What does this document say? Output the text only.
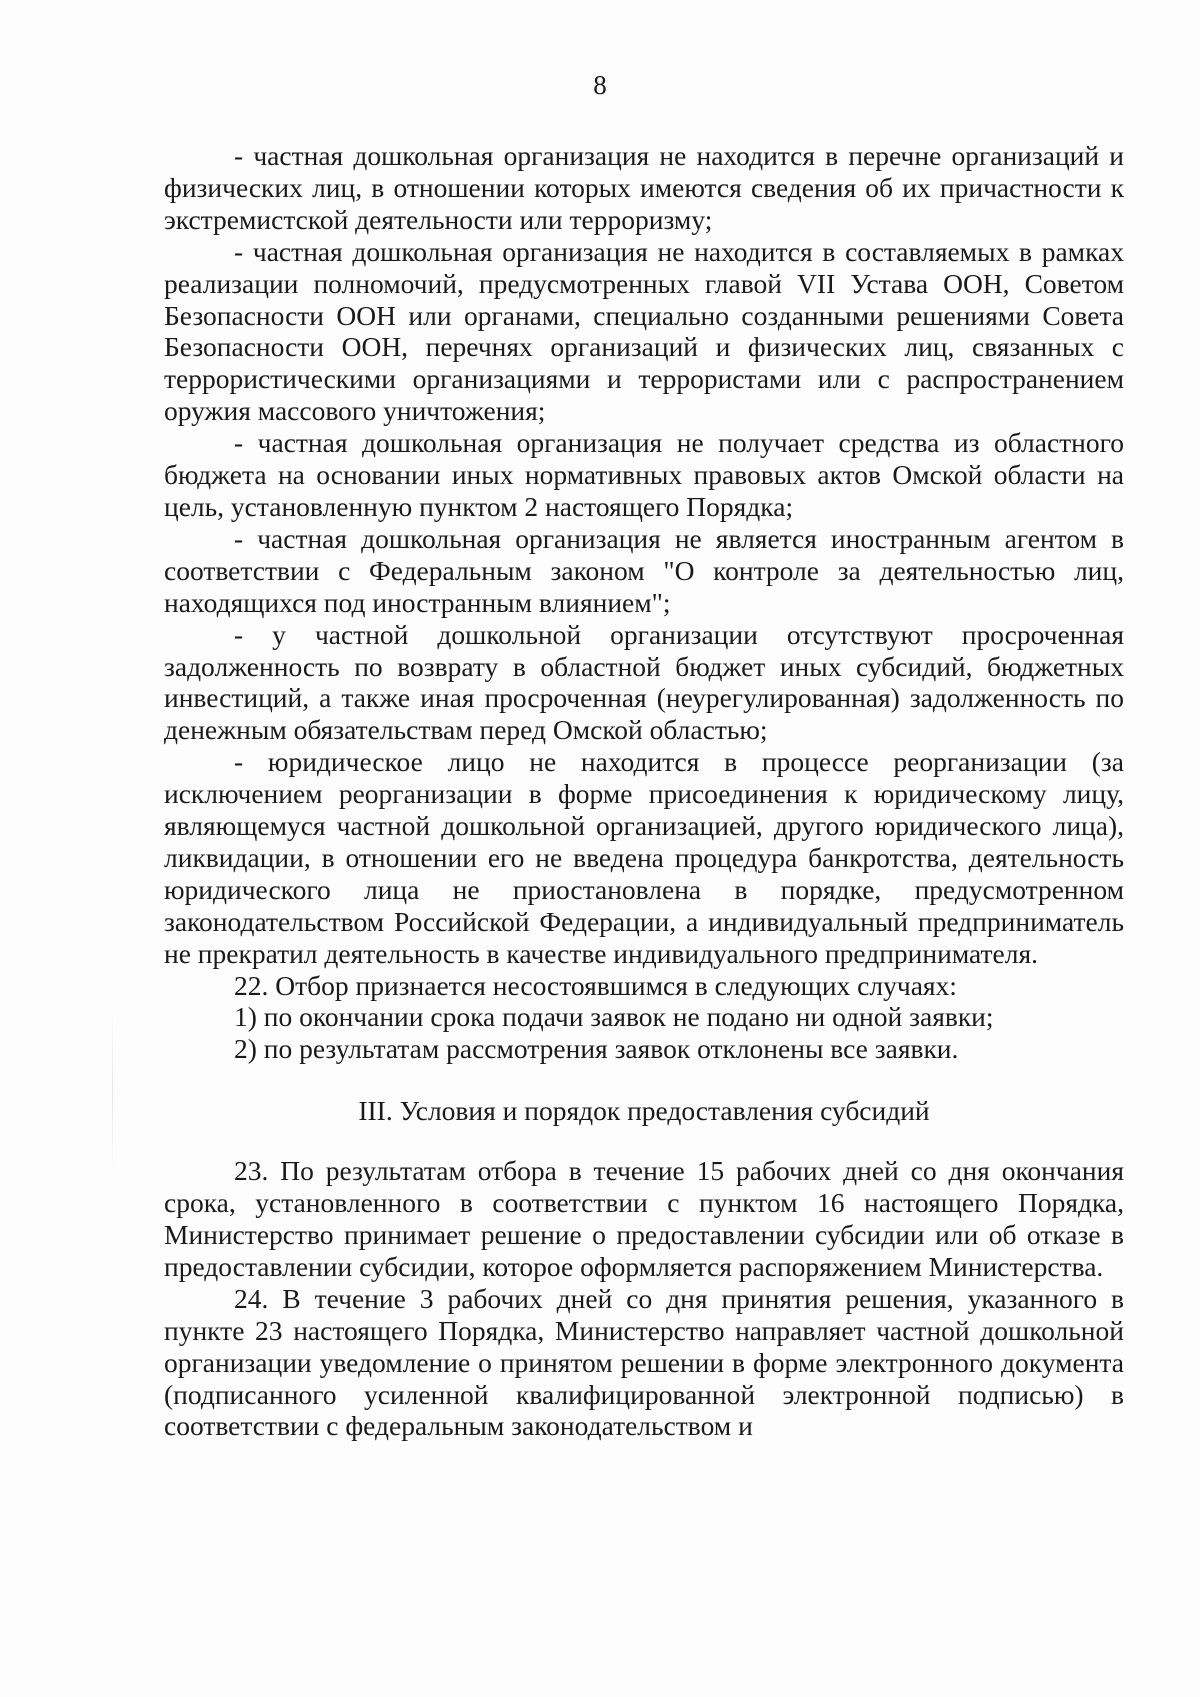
8

- частная дошкольная организация не находится в перечне организаций и физических лиц, в отношении которых имеются сведения об их причастности к экстремистской деятельности или терроризму;

- частная дошкольная организация не находится в составляемых в рамках реализации полномочий, предусмотренных главой VII Устава ООН, Советом Безопасности ООН или органами, специально созданными решениями Совета Безопасности ООН, перечнях организаций и физических лиц, связанных с террористическими организациями и террористами или с распространением оружия массового уничтожения;

- частная дошкольная организация не получает средства из областного бюджета на основании иных нормативных правовых актов Омской области на цель, установленную пунктом 2 настоящего Порядка;

- частная дошкольная организация не является иностранным агентом в соответствии с Федеральным законом "О контроле за деятельностью лиц, находящихся под иностранным влиянием";

- у частной дошкольной организации отсутствуют просроченная задолженность по возврату в областной бюджет иных субсидий, бюджетных инвестиций, а также иная просроченная (неурегулированная) задолженность по денежным обязательствам перед Омской областью;

- юридическое лицо не находится в процессе реорганизации (за исключением реорганизации в форме присоединения к юридическому лицу, являющемуся частной дошкольной организацией, другого юридического лица), ликвидации, в отношении его не введена процедура банкротства, деятельность юридического лица не приостановлена в порядке, предусмотренном законодательством Российской Федерации, а индивидуальный предприниматель не прекратил деятельность в качестве индивидуального предпринимателя.

22. Отбор признается несостоявшимся в следующих случаях:

1) по окончании срока подачи заявок не подано ни одной заявки;

2) по результатам рассмотрения заявок отклонены все заявки.

III. Условия и порядок предоставления субсидий

23. По результатам отбора в течение 15 рабочих дней со дня окончания срока, установленного в соответствии с пунктом 16 настоящего Порядка, Министерство принимает решение о предоставлении субсидии или об отказе в предоставлении субсидии, которое оформляется распоряжением Министерства.

24. В течение 3 рабочих дней со дня принятия решения, указанного в пункте 23 настоящего Порядка, Министерство направляет частной дошкольной организации уведомление о принятом решении в форме электронного документа (подписанного усиленной квалифицированной электронной подписью) в соответствии с федеральным законодательством и
